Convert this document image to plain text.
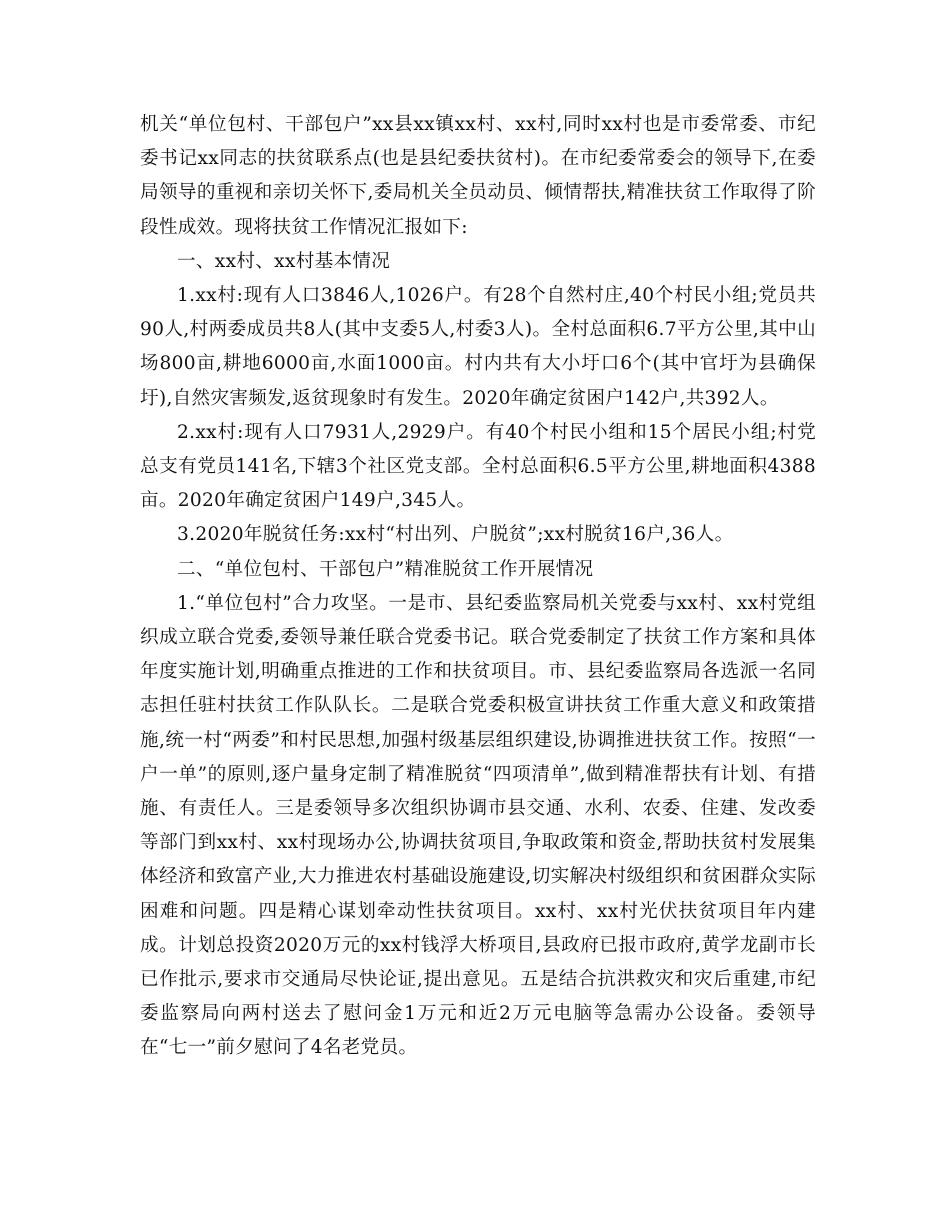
机关“单位包村、干部包户”xx县xx镇xx村、xx村,同时xx村也是市委常委、市纪委书记xx同志的扶贫联系点(也是县纪委扶贫村)。在市纪委常委会的领导下,在委局领导的重视和亲切关怀下,委局机关全员动员、倾情帮扶,精准扶贫工作取得了阶段性成效。现将扶贫工作情况汇报如下:

一、xx村、xx村基本情况

1.xx村:现有人口3846人,1026户。有28个自然村庄,40个村民小组;党员共90人,村两委成员共8人(其中支委5人,村委3人)。全村总面积6.7平方公里,其中山场800亩,耕地6000亩,水面1000亩。村内共有大小圩口6个(其中官圩为县确保圩),自然灾害频发,返贫现象时有发生。2020年确定贫困户142户,共392人。

2.xx村:现有人口7931人,2929户。有40个村民小组和15个居民小组;村党总支有党员141名,下辖3个社区党支部。全村总面积6.5平方公里,耕地面积4388亩。2020年确定贫困户149户,345人。

3.2020年脱贫任务:xx村“村出列、户脱贫”;xx村脱贫16户,36人。

二、“单位包村、干部包户”精准脱贫工作开展情况

1.“单位包村”合力攻坚。一是市、县纪委监察局机关党委与xx村、xx村党组织成立联合党委,委领导兼任联合党委书记。联合党委制定了扶贫工作方案和具体年度实施计划,明确重点推进的工作和扶贫项目。市、县纪委监察局各选派一名同志担任驻村扶贫工作队队长。二是联合党委积极宣讲扶贫工作重大意义和政策措施,统一村“两委”和村民思想,加强村级基层组织建设,协调推进扶贫工作。按照“一户一单”的原则,逐户量身定制了精准脱贫“四项清单”,做到精准帮扶有计划、有措施、有责任人。三是委领导多次组织协调市县交通、水利、农委、住建、发改委等部门到xx村、xx村现场办公,协调扶贫项目,争取政策和资金,帮助扶贫村发展集体经济和致富产业,大力推进农村基础设施建设,切实解决村级组织和贫困群众实际困难和问题。四是精心谋划牵动性扶贫项目。xx村、xx村光伏扶贫项目年内建成。计划总投资2020万元的xx村钱浮大桥项目,县政府已报市政府,黄学龙副市长已作批示,要求市交通局尽快论证,提出意见。五是结合抗洪救灾和灾后重建,市纪委监察局向两村送去了慰问金1万元和近2万元电脑等急需办公设备。委领导在“七一”前夕慰问了4名老党员。
